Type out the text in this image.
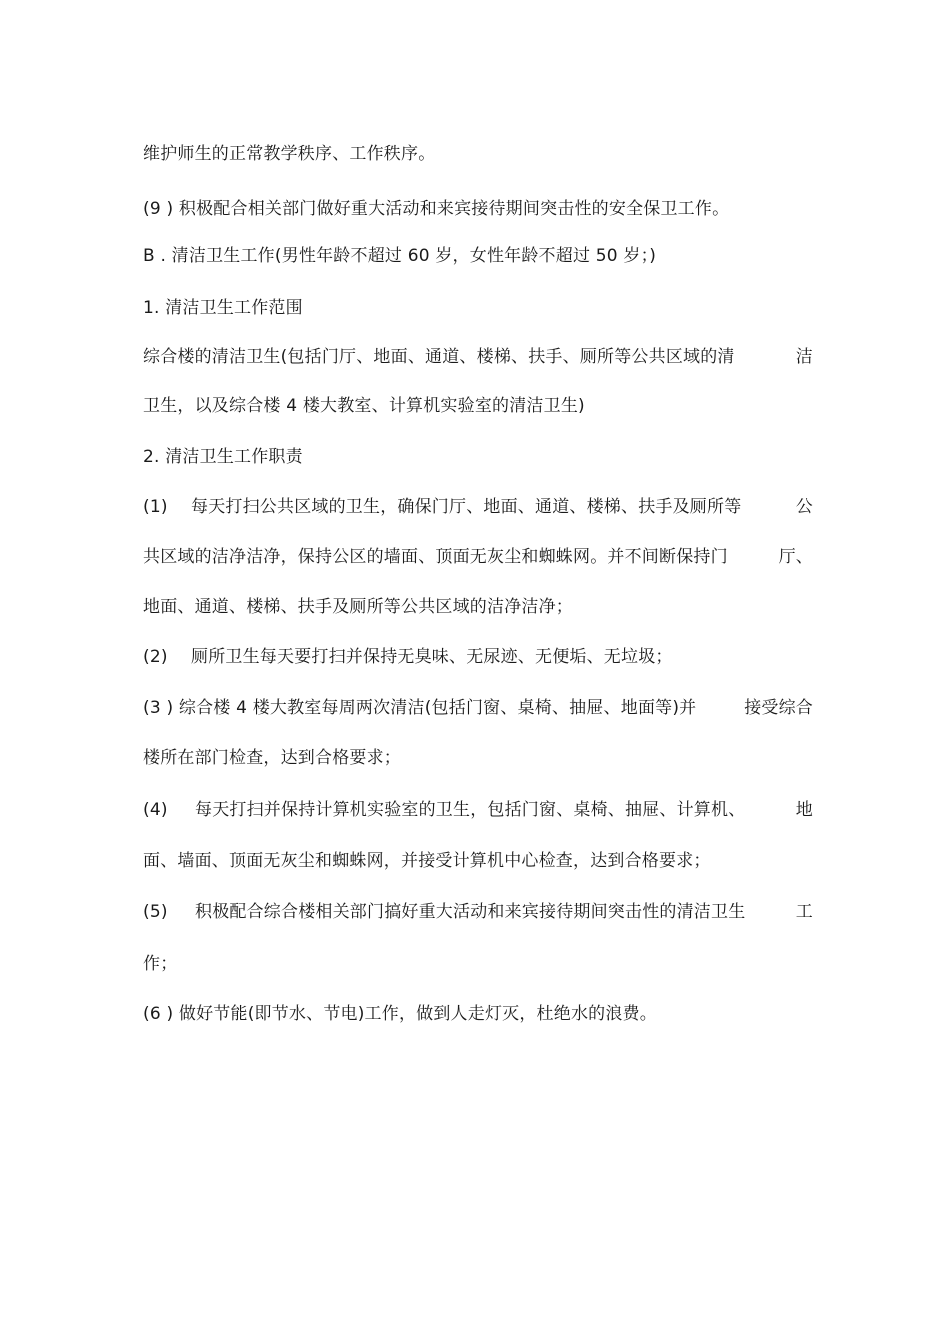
维护师生的正常教学秩序、工作秩序。
(9 ) 积极配合相关部门做好重大活动和来宾接待期间突击性的安全保卫工作。
B . 清洁卫生工作(男性年龄不超过 60 岁，女性年龄不超过 50 岁；)
1. 清洁卫生工作范围
综合楼的清洁卫生(包括门厅、地面、通道、楼梯、扶手、厕所等公共区域的清	洁
卫生，以及综合楼 4 楼大教室、计算机实验室的清洁卫生)
2. 清洁卫生工作职责
(1) 每天打扫公共区域的卫生，确保门厅、地面、通道、楼梯、扶手及厕所等	公
共区域的洁净洁净，保持公区的墙面、顶面无灰尘和蜘蛛网。并不间断保持门	厅、
地面、通道、楼梯、扶手及厕所等公共区域的洁净洁净；
(2) 厕所卫生每天要打扫并保持无臭味、无尿迹、无便垢、无垃圾；
(3 ) 综合楼 4 楼大教室每周两次清洁(包括门窗、桌椅、抽屉、地面等)并	接受综合
楼所在部门检查，达到合格要求；
(4) 每天打扫并保持计算机实验室的卫生，包括门窗、桌椅、抽屉、计算机、	地
面、墙面、顶面无灰尘和蜘蛛网，并接受计算机中心检查，达到合格要求；
(5) 积极配合综合楼相关部门搞好重大活动和来宾接待期间突击性的清洁卫生	工
作；
(6 ) 做好节能(即节水、节电)工作，做到人走灯灭，杜绝水的浪费。
